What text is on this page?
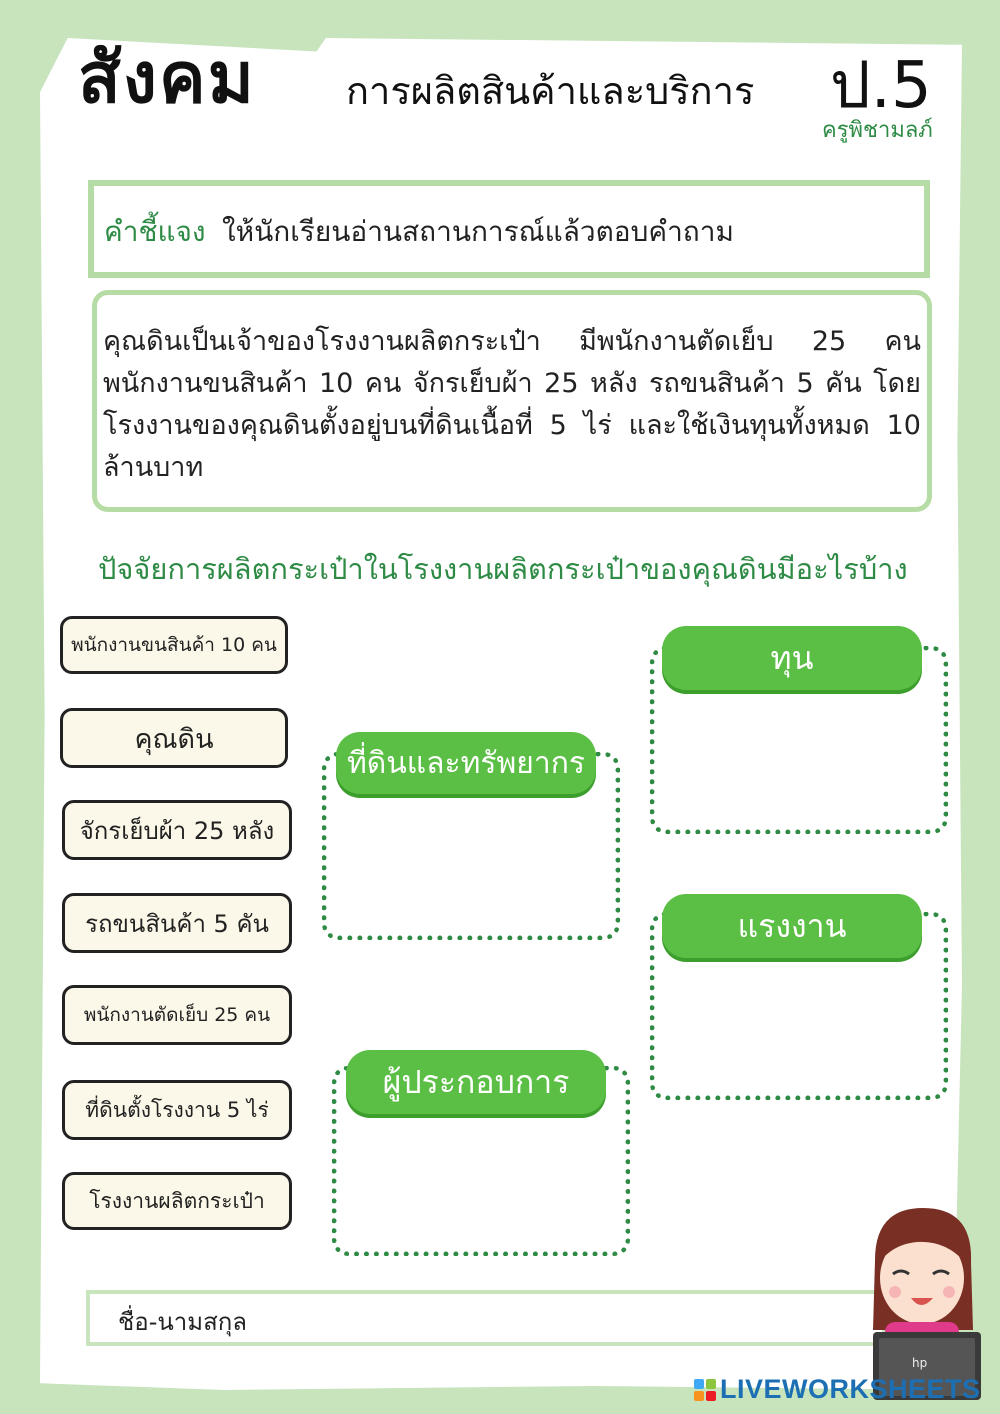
สังคม การผลิตสินค้าและบริการ ป.5
ครูพิชามลภ์
คำชี้แจง ให้นักเรียนอ่านสถานการณ์แล้วตอบคำถาม

คุณดินเป็นเจ้าของโรงงานผลิตกระเป๋า มีพนักงานตัดเย็บ 25 คน พนักงานขนสินค้า 10 คน จักรเย็บผ้า 25 หลัง รถขนสินค้า 5 คัน โดยโรงงานของคุณดินตั้งอยู่บนที่ดินเนื้อที่ 5 ไร่ และใช้เงินทุนทั้งหมด 10 ล้านบาท

ปัจจัยการผลิตกระเป๋าในโรงงานผลิตกระเป๋าของคุณดินมีอะไรบ้าง
พนักงานขนสินค้า 10 คน
คุณดิน
จักรเย็บผ้า 25 หลัง
รถขนสินค้า 5 คัน
พนักงานตัดเย็บ 25 คน
ที่ดินตั้งโรงงาน 5 ไร่
โรงงานผลิตกระเป๋า
ที่ดินและทรัพยากร
ทุน
แรงงาน
ผู้ประกอบการ
ชื่อ-นามสกุล
hp
LIVEWORKSHEETS
